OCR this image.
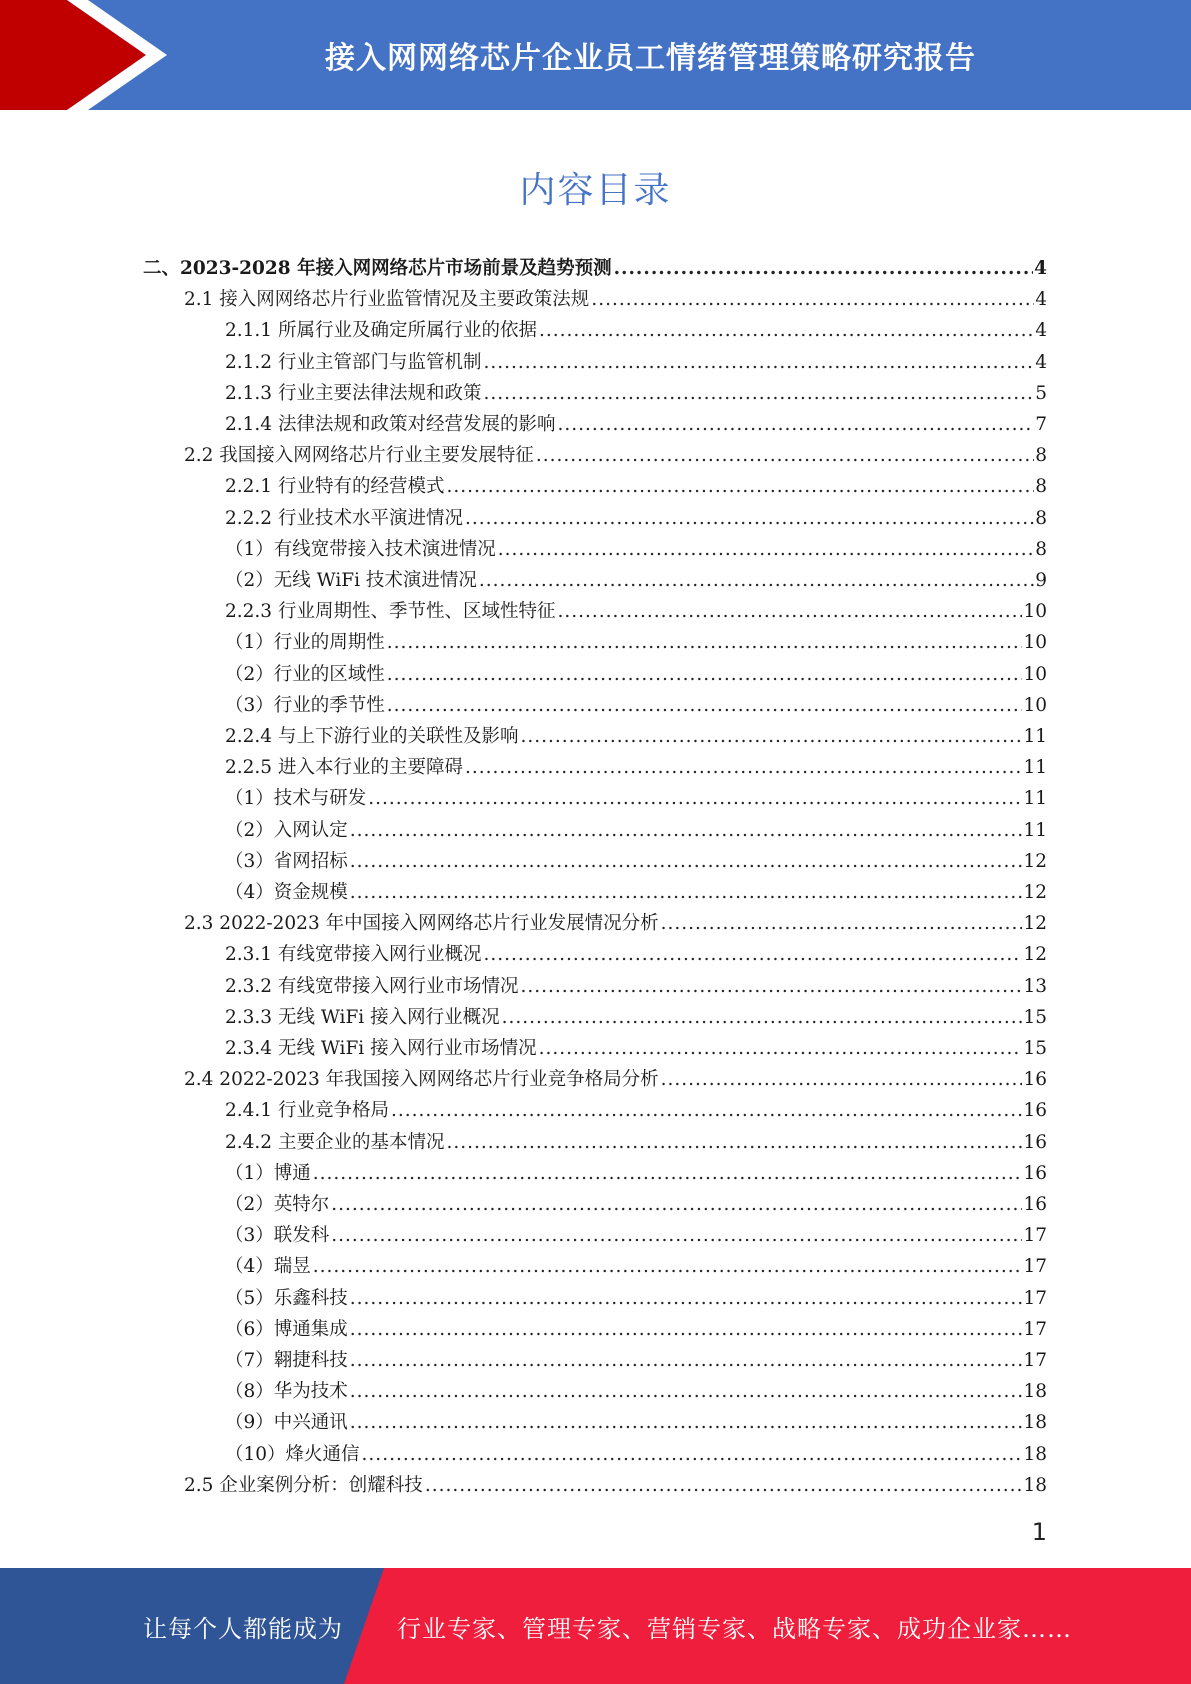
接入网网络芯片企业员工情绪管理策略研究报告
内容目录
二、2023-2028 年接入网网络芯片市场前景及趋势预测 .....	4
2.1 接入网网络芯片行业监管情况及主要政策法规 .....	4
2.1.1 所属行业及确定所属行业的依据 .....	4
2.1.2 行业主管部门与监管机制 .....	4
2.1.3 行业主要法律法规和政策 .....	5
2.1.4 法律法规和政策对经营发展的影响 .....	7
2.2 我国接入网网络芯片行业主要发展特征 .....	8
2.2.1 行业特有的经营模式 .....	8
2.2.2 行业技术水平演进情况 .....	8
（1）有线宽带接入技术演进情况 .....	8
（2）无线 WiFi 技术演进情况 .....	9
2.2.3 行业周期性、季节性、区域性特征 .....	10
（1）行业的周期性 .....	10
（2）行业的区域性 .....	10
（3）行业的季节性 .....	10
2.2.4 与上下游行业的关联性及影响 .....	11
2.2.5 进入本行业的主要障碍 .....	11
（1）技术与研发 .....	11
（2）入网认定 .....	11
（3）省网招标 .....	12
（4）资金规模 .....	12
2.3 2022-2023 年中国接入网网络芯片行业发展情况分析 .....	12
2.3.1 有线宽带接入网行业概况 .....	12
2.3.2 有线宽带接入网行业市场情况 .....	13
2.3.3 无线 WiFi 接入网行业概况 .....	15
2.3.4 无线 WiFi 接入网行业市场情况 .....	15
2.4 2022-2023 年我国接入网网络芯片行业竞争格局分析 .....	16
2.4.1 行业竞争格局 .....	16
2.4.2 主要企业的基本情况 .....	16
（1）博通 .....	16
（2）英特尔 .....	16
（3）联发科 .....	17
（4）瑞昱 .....	17
（5）乐鑫科技 .....	17
（6）博通集成 .....	17
（7）翱捷科技 .....	17
（8）华为技术 .....	18
（9）中兴通讯 .....	18
（10）烽火通信 .....	18
2.5 企业案例分析：创耀科技 .....	18
1
让每个人都能成为 行业专家、管理专家、营销专家、战略专家、成功企业家……
